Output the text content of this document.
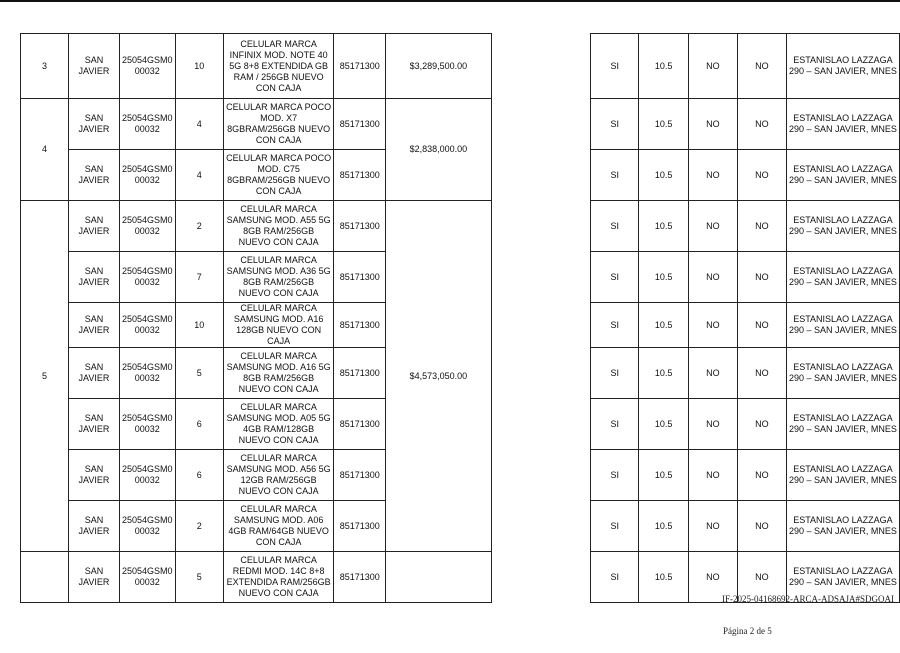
3	SAN JAVIER	25054GSM0 00032	10	CELULAR MARCA INFINIX MOD. NOTE 40 5G 8+8 EXTENDIDA GB RAM / 256GB NUEVO CON CAJA	85171300	$3,289,500.00		SI	10.5	NO	NO	ESTANISLAO LAZZAGA 290 – SAN JAVIER, MNES
4	SAN JAVIER	25054GSM0 00032	4	CELULAR MARCA POCO MOD. X7 8GBRAM/256GB NUEVO CON CAJA	85171300	$2,838,000.00		SI	10.5	NO	NO	ESTANISLAO LAZZAGA 290 – SAN JAVIER, MNES
	SAN JAVIER	25054GSM0 00032	4	CELULAR MARCA POCO MOD. C75 8GBRAM/256GB NUEVO CON CAJA	85171300			SI	10.5	NO	NO	ESTANISLAO LAZZAGA 290 – SAN JAVIER, MNES
5	SAN JAVIER	25054GSM0 00032	2	CELULAR MARCA SAMSUNG MOD. A55 5G 8GB RAM/256GB NUEVO CON CAJA	85171300	$4,573,050.00		SI	10.5	NO	NO	ESTANISLAO LAZZAGA 290 – SAN JAVIER, MNES
	SAN JAVIER	25054GSM0 00032	7	CELULAR MARCA SAMSUNG MOD. A36 5G 8GB RAM/256GB NUEVO CON CAJA	85171300			SI	10.5	NO	NO	ESTANISLAO LAZZAGA 290 – SAN JAVIER, MNES
	SAN JAVIER	25054GSM0 00032	10	CELULAR MARCA SAMSUNG MOD. A16 128GB NUEVO CON CAJA	85171300			SI	10.5	NO	NO	ESTANISLAO LAZZAGA 290 – SAN JAVIER, MNES
	SAN JAVIER	25054GSM0 00032	5	CELULAR MARCA SAMSUNG MOD. A16 5G 8GB RAM/256GB NUEVO CON CAJA	85171300			SI	10.5	NO	NO	ESTANISLAO LAZZAGA 290 – SAN JAVIER, MNES
	SAN JAVIER	25054GSM0 00032	6	CELULAR MARCA SAMSUNG MOD. A05 5G 4GB RAM/128GB NUEVO CON CAJA	85171300			SI	10.5	NO	NO	ESTANISLAO LAZZAGA 290 – SAN JAVIER, MNES
	SAN JAVIER	25054GSM0 00032	6	CELULAR MARCA SAMSUNG MOD. A56 5G 12GB RAM/256GB NUEVO CON CAJA	85171300			SI	10.5	NO	NO	ESTANISLAO LAZZAGA 290 – SAN JAVIER, MNES
	SAN JAVIER	25054GSM0 00032	2	CELULAR MARCA SAMSUNG MOD. A06 4GB RAM/64GB NUEVO CON CAJA	85171300			SI	10.5	NO	NO	ESTANISLAO LAZZAGA 290 – SAN JAVIER, MNES
	SAN JAVIER	25054GSM0 00032	5	CELULAR MARCA REDMI MOD. 14C 8+8 EXTENDIDA RAM/256GB NUEVO CON CAJA	85171300			SI	10.5	NO	NO	ESTANISLAO LAZZAGA 290 – SAN JAVIER, MNES
IF-2025-04168692-ARCA-ADSAJA#SDGOAI
Página 2 de 5
